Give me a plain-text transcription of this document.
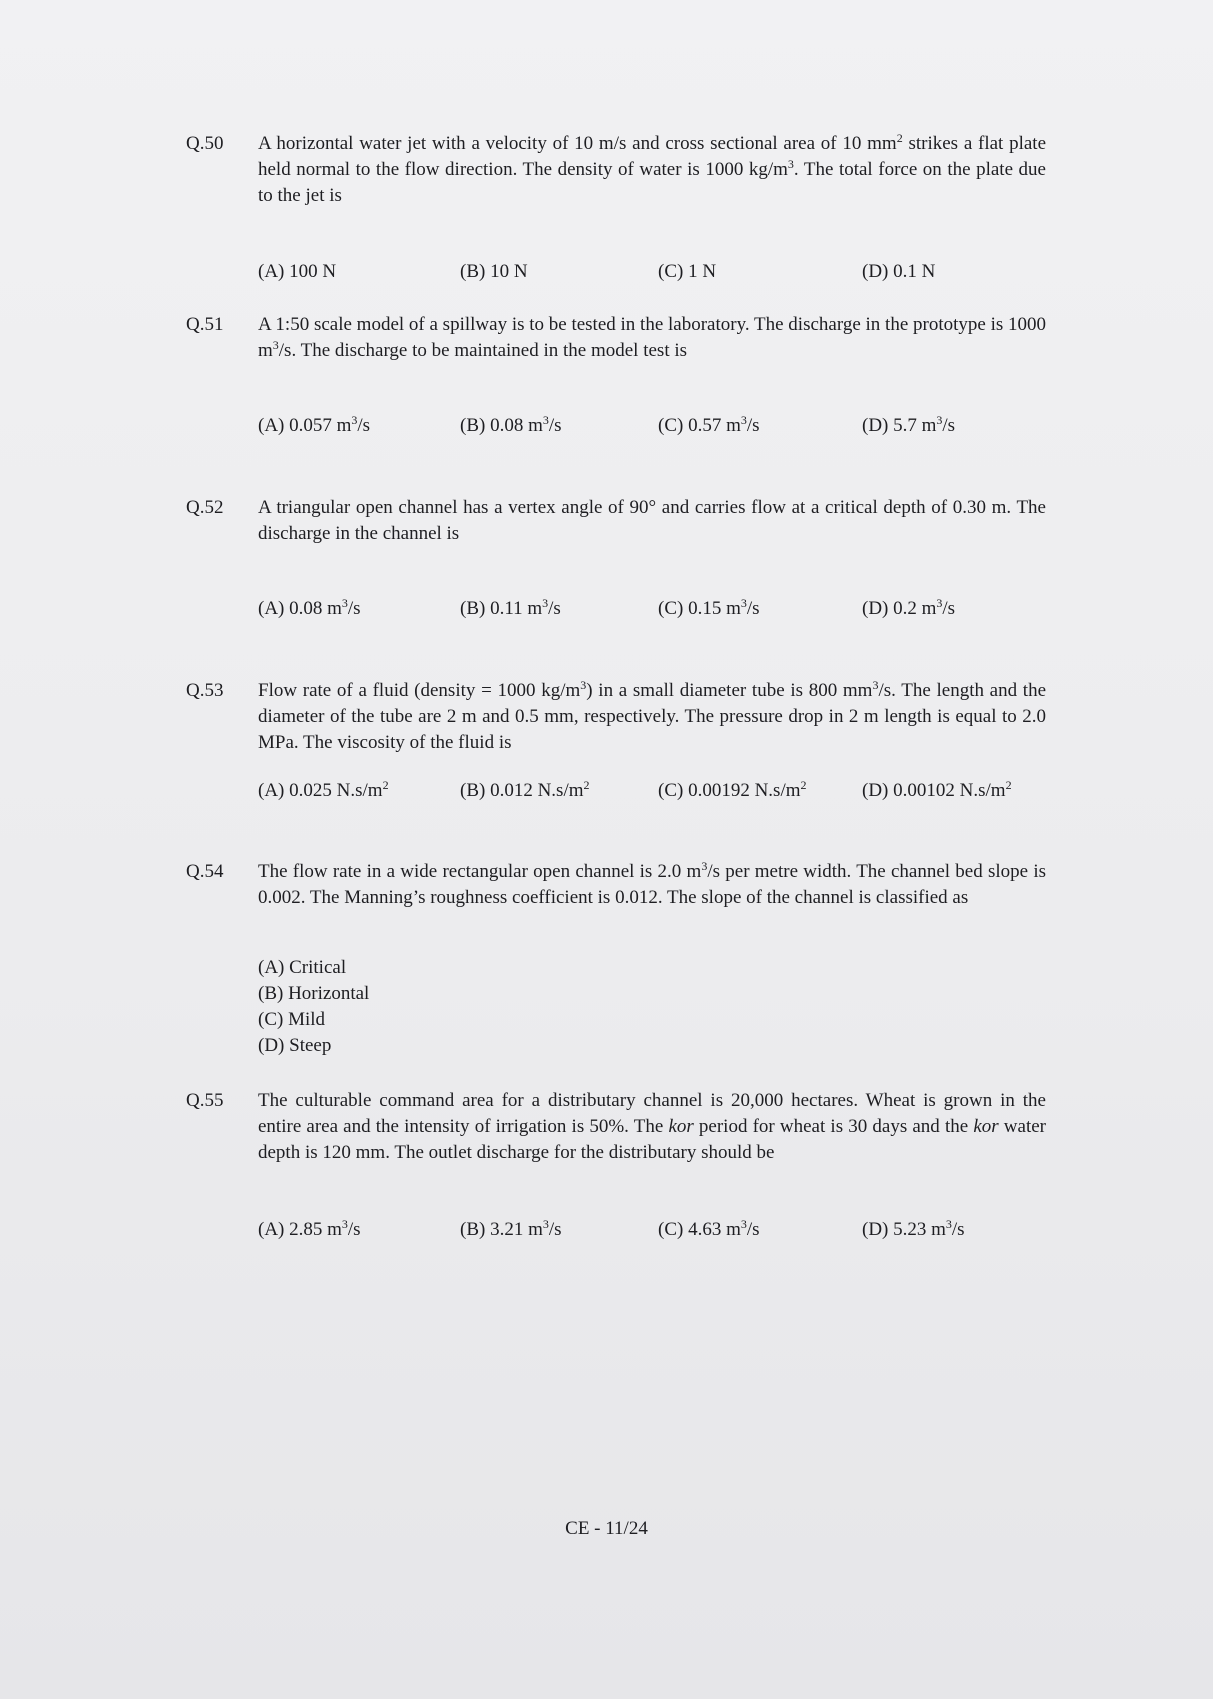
Q.50	A horizontal water jet with a velocity of 10 m/s and cross sectional area of 10 $mm^2$ strikes a flat plate held normal to the flow direction. The density of water is 1000 $kg/m^3$. The total force on the plate due to the jet is
(A) 100 N	(B) 10 N	(C) 1 N	(D) 0.1 N
Q.51	A 1:50 scale model of a spillway is to be tested in the laboratory. The discharge in the prototype is 1000 $m^3/s$. The discharge to be maintained in the model test is
(A) 0.057 $m^3/s$	(B) 0.08 $m^3/s$	(C) 0.57 $m^3/s$	(D) 5.7 $m^3/s$
Q.52	A triangular open channel has a vertex angle of 90° and carries flow at a critical depth of 0.30 m. The discharge in the channel is
(A) 0.08 $m^3/s$	(B) 0.11 $m^3/s$	(C) 0.15 $m^3/s$	(D) 0.2 $m^3/s$
Q.53	Flow rate of a fluid (density = 1000 $kg/m^3$) in a small diameter tube is 800 $mm^3/s$. The length and the diameter of the tube are 2 m and 0.5 mm, respectively. The pressure drop in 2 m length is equal to 2.0 MPa. The viscosity of the fluid is
(A) 0.025 $N.s/m^2$	(B) 0.012 $N.s/m^2$	(C) 0.00192 $N.s/m^2$	(D) 0.00102 $N.s/m^2$
Q.54	The flow rate in a wide rectangular open channel is 2.0 $m^3/s$ per metre width. The channel bed slope is 0.002. The Manning’s roughness coefficient is 0.012. The slope of the channel is classified as
(A) Critical
(B) Horizontal
(C) Mild
(D) Steep
Q.55	The culturable command area for a distributary channel is 20,000 hectares. Wheat is grown in the entire area and the intensity of irrigation is 50%. The kor period for wheat is 30 days and the kor water depth is 120 mm. The outlet discharge for the distributary should be
(A) 2.85 $m^3/s$	(B) 3.21 $m^3/s$	(C) 4.63 $m^3/s$	(D) 5.23 $m^3/s$
CE - 11/24
